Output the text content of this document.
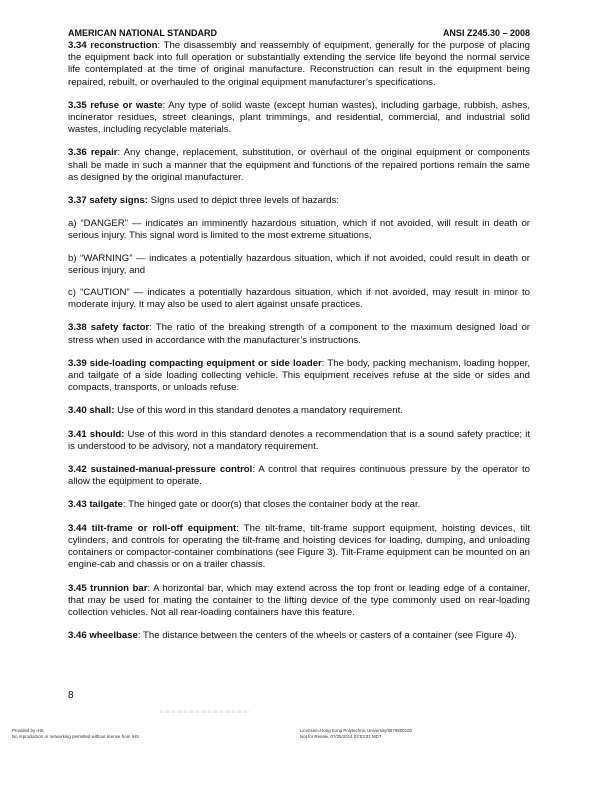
AMERICAN NATIONAL STANDARD	ANSI Z245.30 – 2008

3.34 reconstruction: The disassembly and reassembly of equipment, generally for the purpose of placing the equipment back into full operation or substantially extending the service life beyond the normal service life contemplated at the time of original manufacture. Reconstruction can result in the equipment being repaired, rebuilt, or overhauled to the original equipment manufacturer’s specifications.

3.35 refuse or waste: Any type of solid waste (except human wastes), including garbage, rubbish, ashes, incinerator residues, street cleanings, plant trimmings, and residential, commercial, and industrial solid wastes, including recyclable materials.

3.36 repair: Any change, replacement, substitution, or overhaul of the original equipment or components shall be made in such a manner that the equipment and functions of the repaired portions remain the same as designed by the original manufacturer.

3.37 safety signs: Signs used to depict three levels of hazards:

a) “DANGER” — indicates an imminently hazardous situation, which if not avoided, will result in death or serious injury. This signal word is limited to the most extreme situations,

b) “WARNING” — indicates a potentially hazardous situation, which if not avoided, could result in death or serious injury, and

c) “CAUTION” — indicates a potentially hazardous situation, which if not avoided, may result in minor to moderate injury. It may also be used to alert against unsafe practices.

3.38 safety factor: The ratio of the breaking strength of a component to the maximum designed load or stress when used in accordance with the manufacturer’s instructions.

3.39 side-loading compacting equipment or side loader: The body, packing mechanism, loading hopper, and tailgate of a side loading collecting vehicle. This equipment receives refuse at the side or sides and compacts, transports, or unloads refuse.

3.40 shall: Use of this word in this standard denotes a mandatory requirement.

3.41 should: Use of this word in this standard denotes a recommendation that is a sound safety practice; it is understood to be advisory, not a mandatory requirement.

3.42 sustained-manual-pressure control: A control that requires continuous pressure by the operator to allow the equipment to operate.

3.43 tailgate: The hinged gate or door(s) that closes the container body at the rear.

3.44 tilt-frame or roll-off equipment: The tilt-frame, tilt-frame support equipment, hoisting devices, tilt cylinders, and controls for operating the tilt-frame and hoisting devices for loading, dumping, and unloading containers or compactor-container combinations (see Figure 3). Tilt-Frame equipment can be mounted on an engine-cab and chassis or on a trailer chassis.

3.45 trunnion bar: A horizontal bar, which may extend across the top front or leading edge of a container, that may be used for mating the container to the lifting device of the type commonly used on rear-loading collection vehicles. Not all rear-loading containers have this feature.

3.46 wheelbase: The distance between the centers of the wheels or casters of a container (see Figure 4).

8
Provided by IHS
No reproduction or networking permitted without license from IHS
Licensee=Hong Kong Polytechnic University/9979800100
Not for Resale, 07/25/2014 03:53:31 MDT
